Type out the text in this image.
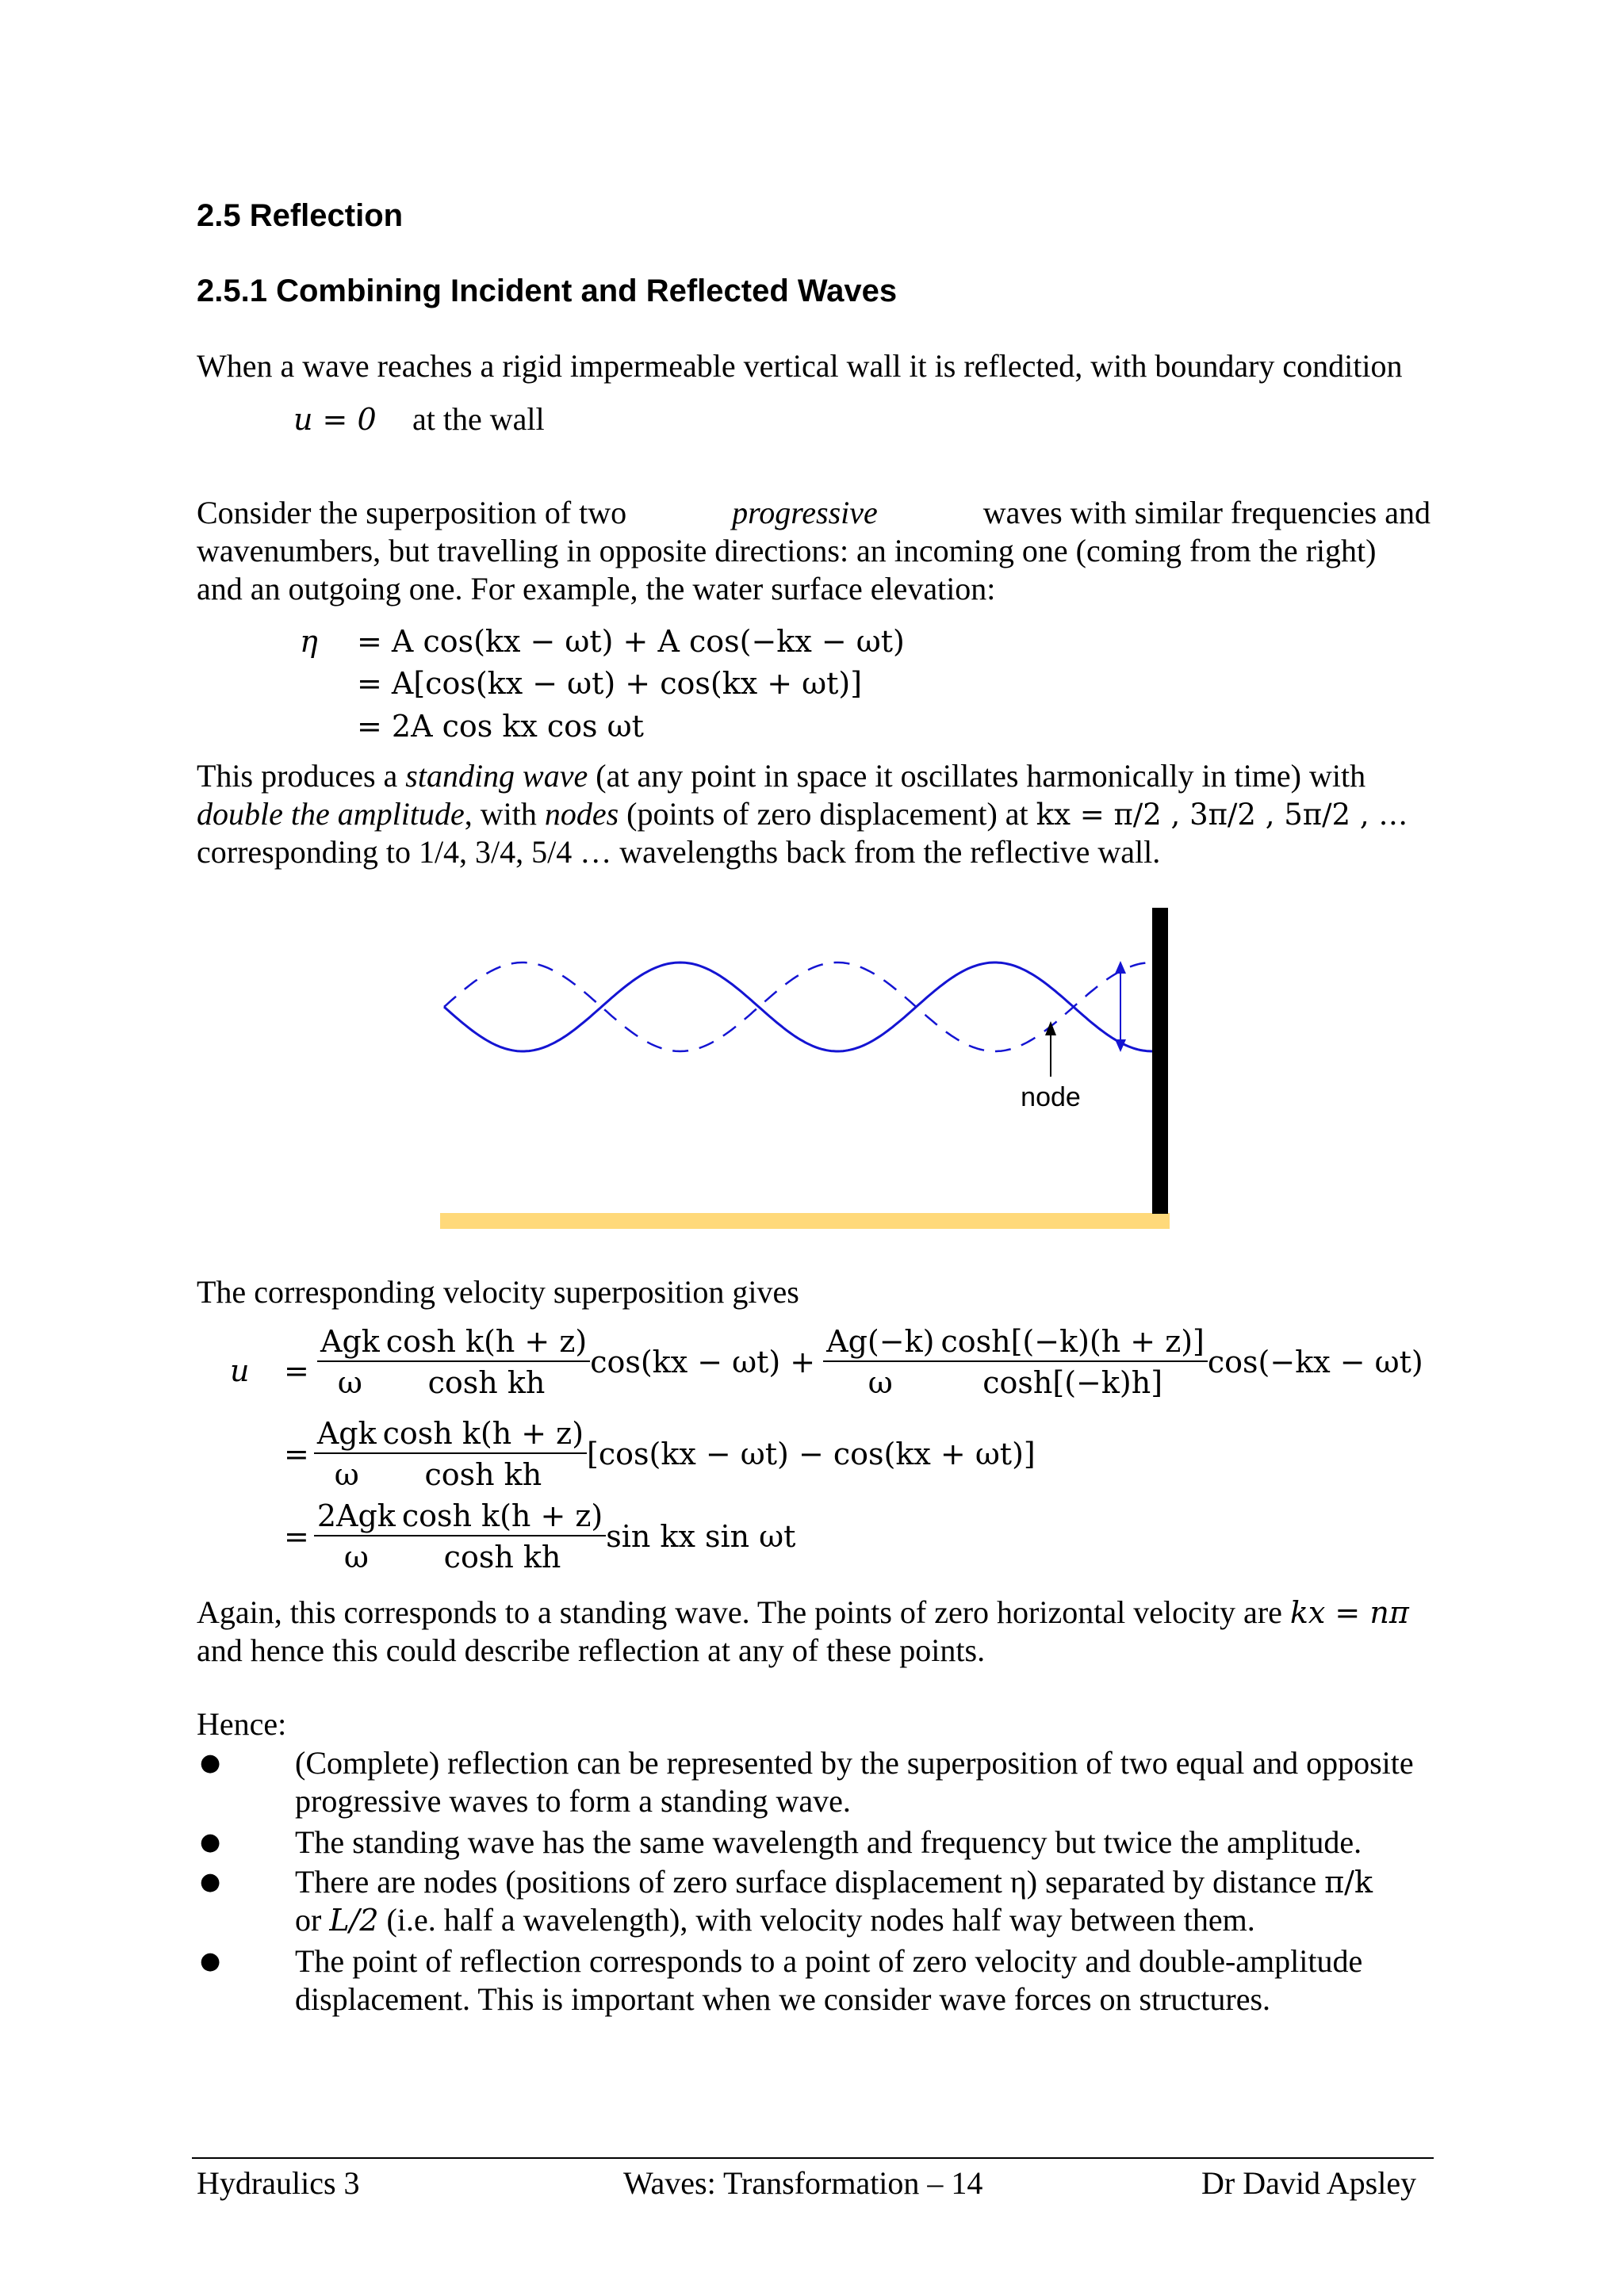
2.5 Reflection
2.5.1 Combining Incident and Reflected Waves
When a wave reaches a rigid impermeable vertical wall it is reflected, with boundary condition
u = 0 at the wall
Consider the superposition of two	progressive	waves with similar frequencies and
wavenumbers, but travelling in opposite directions: an incoming one (coming from the right)
and an outgoing one. For example, the water surface elevation:
η = A cos(kx − ωt) + A cos(−kx − ωt)
= A[cos(kx − ωt) + cos(kx + ωt)]
= 2A cos kx cos ωt
This produces a standing wave (at any point in space it oscillates harmonically in time) with
double the amplitude, with nodes (points of zero displacement) at kx = π/2 , 3π/2 , 5π/2 , …
corresponding to 1/4, 3/4, 5/4 … wavelengths back from the reflective wall.
node
The corresponding velocity superposition gives
$u = \frac{\text{Agk}}{\omega} \frac{\text{cosh k(h + z)}}{\text{cosh kh}} \cos(kx - \omega t) + \frac{Ag(-k)}{\omega} \frac{\cosh[(-k)(h + z)]}{\cosh[(-k)h]} \cos(-kx - \omega t)$
= $\frac{\text{Agk}}{\omega} \frac{\text{cosh k(h + z)}}{\text{cosh kh}} [\cos(kx - \omega t) - \cos(kx + \omega t)]$
= $\frac{\text{2Agk}}{\omega} \frac{\text{cosh k(h + z)}}{\text{cosh kh}}$ sin kx sin ωt
Again, this corresponds to a standing wave. The points of zero horizontal velocity are kx = nπ
and hence this could describe reflection at any of these points.
Hence:
● (Complete) reflection can be represented by the superposition of two equal and opposite
progressive waves to form a standing wave.
● The standing wave has the same wavelength and frequency but twice the amplitude.
● There are nodes (positions of zero surface displacement η) separated by distance π/k
or L/2 (i.e. half a wavelength), with velocity nodes half way between them.
● The point of reflection corresponds to a point of zero velocity and double-amplitude
displacement. This is important when we consider wave forces on structures.
Hydraulics 3	Waves: Transformation – 14	Dr David Apsley
